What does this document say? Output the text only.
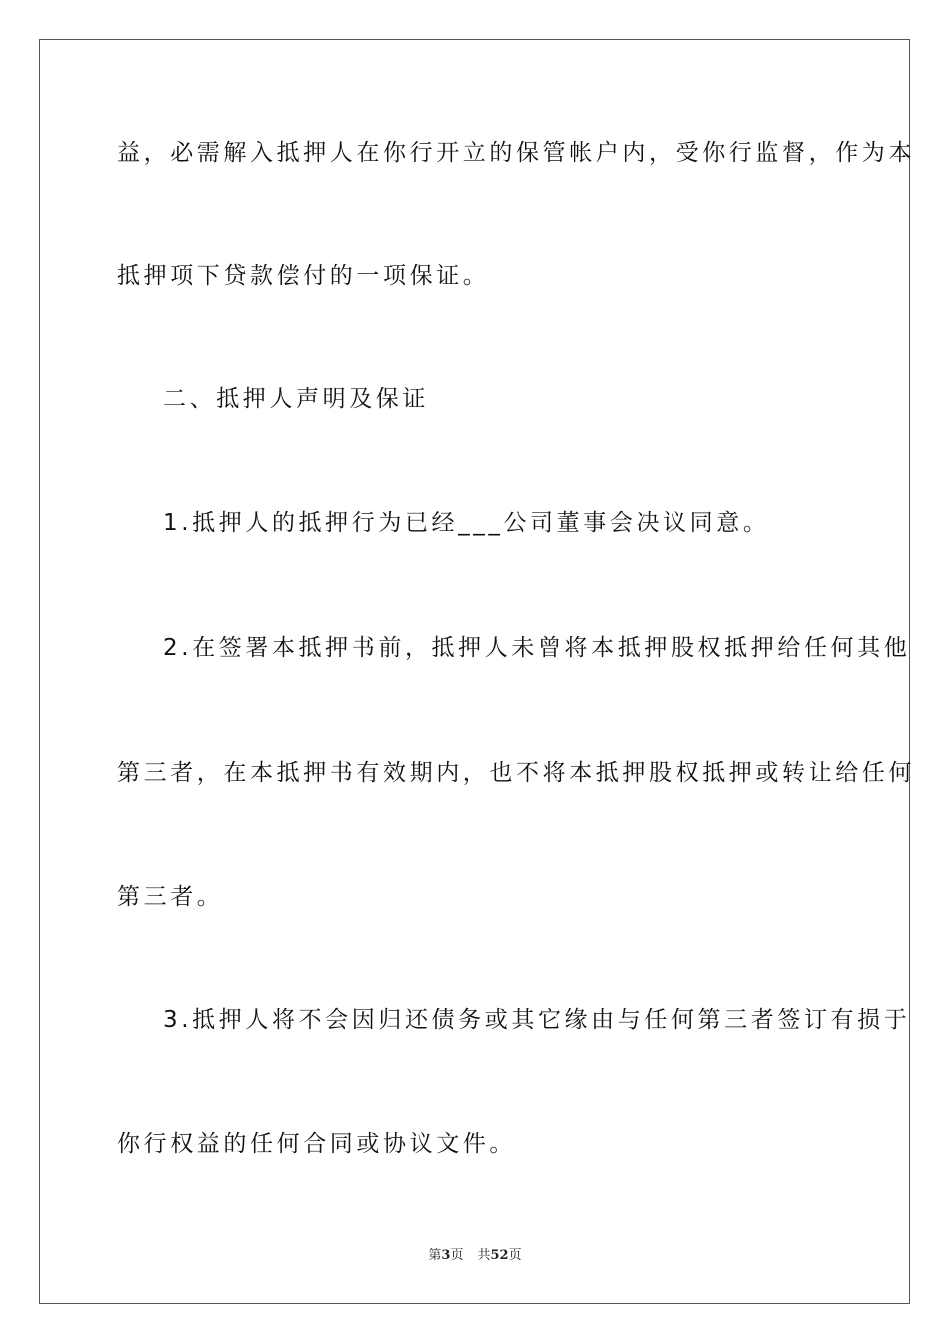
益，必需解入抵押人在你行开立的保管帐户内，受你行监督，作为本
抵押项下贷款偿付的一项保证。
二、抵押人声明及保证
1.抵押人的抵押行为已经___公司董事会决议同意。
2.在签署本抵押书前，抵押人未曾将本抵押股权抵押给任何其他
第三者，在本抵押书有效期内，也不将本抵押股权抵押或转让给任何
第三者。
3.抵押人将不会因归还债务或其它缘由与任何第三者签订有损于
你行权益的任何合同或协议文件。
第3页 共52页
